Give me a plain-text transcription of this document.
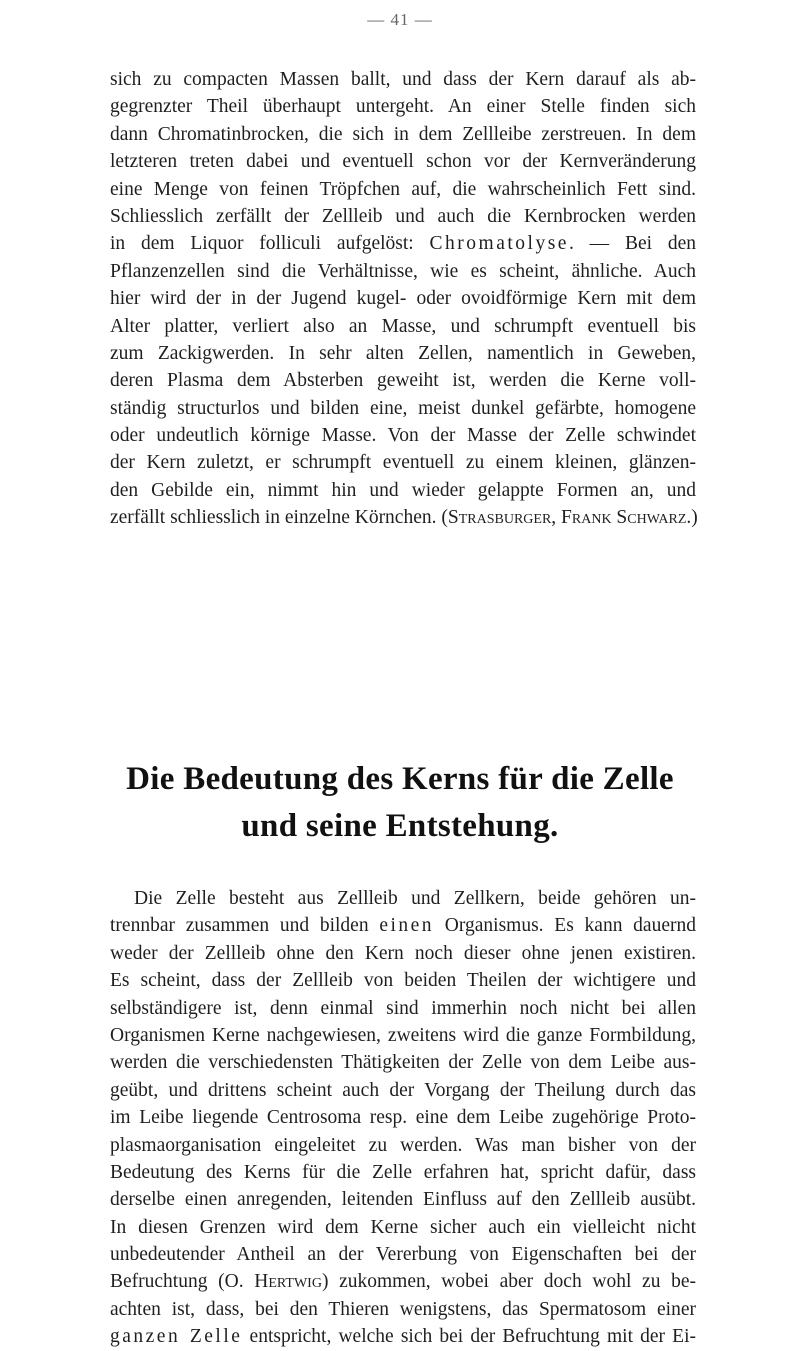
— 41 —
sich zu compacten Massen ballt, und dass der Kern darauf als ab-
gegrenzter Theil überhaupt untergeht. An einer Stelle finden sich
dann Chromatinbrocken, die sich in dem Zellleibe zerstreuen. In dem
letzteren treten dabei und eventuell schon vor der Kernveränderung
eine Menge von feinen Tröpfchen auf, die wahrscheinlich Fett sind.
Schliesslich zerfällt der Zellleib und auch die Kernbrocken werden
in dem Liquor folliculi aufgelöst: Chromatolyse. — Bei den
Pflanzenzellen sind die Verhältnisse, wie es scheint, ähnliche. Auch
hier wird der in der Jugend kugel- oder ovoidförmige Kern mit dem
Alter platter, verliert also an Masse, und schrumpft eventuell bis
zum Zackigwerden. In sehr alten Zellen, namentlich in Geweben,
deren Plasma dem Absterben geweiht ist, werden die Kerne voll-
ständig structurlos und bilden eine, meist dunkel gefärbte, homogene
oder undeutlich körnige Masse. Von der Masse der Zelle schwindet
der Kern zuletzt, er schrumpft eventuell zu einem kleinen, glänzen-
den Gebilde ein, nimmt hin und wieder gelappte Formen an, und
zerfällt schliesslich in einzelne Körnchen. (Strasburger, Frank Schwarz.)
Die Bedeutung des Kerns für die Zelle
und seine Entstehung.
Die Zelle besteht aus Zellleib und Zellkern, beide gehören un-
trennbar zusammen und bilden einen Organismus. Es kann dauernd
weder der Zellleib ohne den Kern noch dieser ohne jenen existiren.
Es scheint, dass der Zellleib von beiden Theilen der wichtigere und
selbständigere ist, denn einmal sind immerhin noch nicht bei allen
Organismen Kerne nachgewiesen, zweitens wird die ganze Formbildung,
werden die verschiedensten Thätigkeiten der Zelle von dem Leibe aus-
geübt, und drittens scheint auch der Vorgang der Theilung durch das
im Leibe liegende Centrosoma resp. eine dem Leibe zugehörige Proto-
plasmaorganisation eingeleitet zu werden. Was man bisher von der
Bedeutung des Kerns für die Zelle erfahren hat, spricht dafür, dass
derselbe einen anregenden, leitenden Einfluss auf den Zellleib ausübt.
In diesen Grenzen wird dem Kerne sicher auch ein vielleicht nicht
unbedeutender Antheil an der Vererbung von Eigenschaften bei der
Befruchtung (O. Hertwig) zukommen, wobei aber doch wohl zu be-
achten ist, dass, bei den Thieren wenigstens, das Spermatosom einer
ganzen Zelle entspricht, welche sich bei der Befruchtung mit der Ei-
